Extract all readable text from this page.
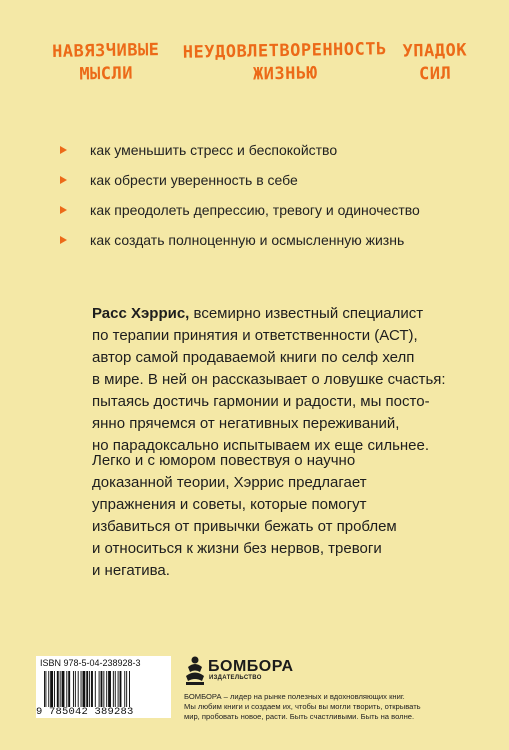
НАВЯЗЧИВЫЕ
МЫСЛИ
НЕУДОВЛЕТВОРЕННОСТЬ
ЖИЗНЬЮ
УПАДОК
СИЛ
как уменьшить стресс и беспокойство
как обрести уверенность в себе
как преодолеть депрессию, тревогу и одиночество
как создать полноценную и осмысленную жизнь
Расс Хэррис, всемирно известный специалист
по терапии принятия и ответственности (АСТ),
автор самой продаваемой книги по селф хелп
в мире. В ней он рассказывает о ловушке счастья:
пытаясь достичь гармонии и радости, мы посто-
янно прячемся от негативных переживаний,
но парадоксально испытываем их еще сильнее.
Легко и с юмором повествуя о научно
доказанной теории, Хэррис предлагает
упражнения и советы, которые помогут
избавиться от привычки бежать от проблем
и относиться к жизни без нервов, тревоги
и негатива.
ISBN 978-5-04-238928-3
9 785042 389283
БОМБОРА
ИЗДАТЕЛЬСТВО
БОМБОРА – лидер на рынке полезных и вдохновляющих книг.
Мы любим книги и создаем их, чтобы вы могли творить, открывать
мир, пробовать новое, расти. Быть счастливыми. Быть на волне.
